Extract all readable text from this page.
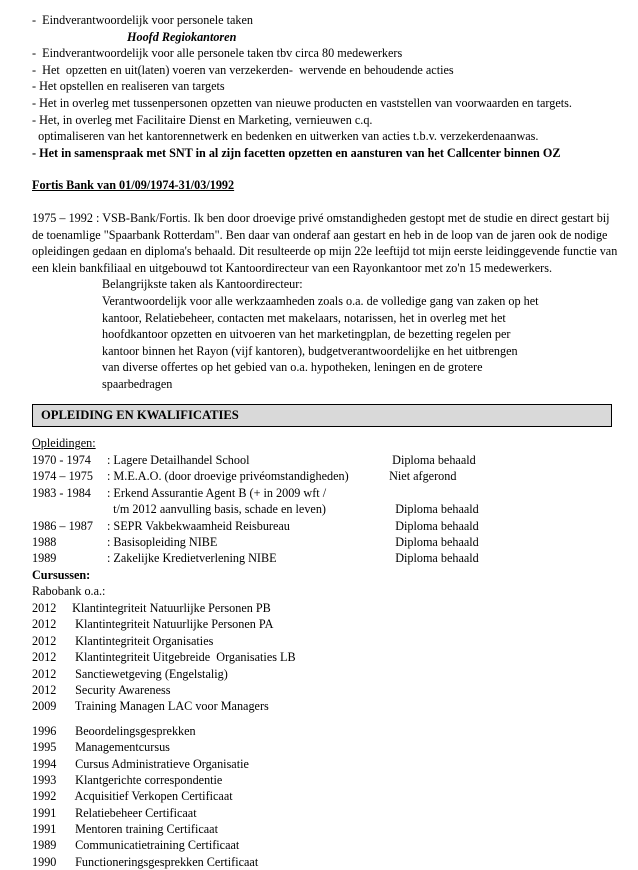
-  Eindverantwoordelijk voor personele taken
Hoofd Regiokantoren
-  Eindverantwoordelijk voor alle personele taken tbv circa 80 medewerkers
-  Het  opzetten en uit(laten) voeren van verzekerden-  wervende en behoudende acties
- Het opstellen en realiseren van targets
- Het in overleg met tussenpersonen opzetten van nieuwe producten en vaststellen van voorwaarden en targets.
- Het, in overleg met Facilitaire Dienst en Marketing, vernieuwen c.q.
optimaliseren van het kantorennetwerk en bedenken en uitwerken van acties t.b.v. verzekerdenaanwas.
- Het in samenspraak met SNT in al zijn facetten opzetten en aansturen van het Callcenter binnen OZ
Fortis Bank van 01/09/1974-31/03/1992
1975 – 1992 : VSB-Bank/Fortis. Ik ben door droevige privé omstandigheden gestopt met de studie en direct gestart bij de toenamlige "Spaarbank Rotterdam". Ben daar van onderaf aan gestart en heb in de loop van de jaren ook de nodige opleidingen gedaan en diploma's behaald. Dit resulteerde op mijn 22e leeftijd tot mijn eerste leidinggevende functie van een klein bankfiliaal en uitgebouwd tot Kantoordirecteur van een Rayonkantoor met zo'n 15 medewerkers.
Belangrijkste taken als Kantoordirecteur:
Verantwoordelijk voor alle werkzaamheden zoals o.a. de volledige gang van zaken op het
kantoor, Relatiebeheer, contacten met makelaars, notarissen, het in overleg met het
hoofdkantoor opzetten en uitvoeren van het marketingplan, de bezetting regelen per
kantoor binnen het Rayon (vijf kantoren), budgetverantwoordelijke en het uitbrengen
van diverse offertes op het gebied van o.a. hypotheken, leningen en de grotere
spaarbedragen
OPLEIDING EN KWALIFICATIES
Opleidingen:
1970 - 1974	: Lagere Detailhandel School	Diploma behaald
1974 – 1975	: M.E.A.O. (door droevige privéomstandigheden)	Niet afgerond
1983 - 1984	: Erkend Assurantie Agent B (+ in 2009 wft /
t/m 2012 aanvulling basis, schade en leven)	Diploma behaald
1986 – 1987	: SEPR Vakbekwaamheid Reisbureau	Diploma behaald
1988	: Basisopleiding NIBE	Diploma behaald
1989	: Zakelijke Kredietverlening NIBE	Diploma behaald
Cursussen:
Rabobank o.a.:
2012 Klantintegriteit Natuurlijke Personen PB
2012 Klantintegriteit Natuurlijke Personen PA
2012 Klantintegriteit Organisaties
2012 Klantintegriteit Uitgebreide  Organisaties LB
2012 Sanctiewetgeving (Engelstalig)
2012 Security Awareness
2009 Training Managen LAC voor Managers
1996 Beoordelingsgesprekken
1995 Managementcursus
1994 Cursus Administratieve Organisatie
1993 Klantgerichte correspondentie
1992 Acquisitief Verkopen Certificaat
1991 Relatiebeheer Certificaat
1991 Mentoren training Certificaat
1989 Communicatietraining Certificaat
1990 Functioneringsgesprekken Certificaat
